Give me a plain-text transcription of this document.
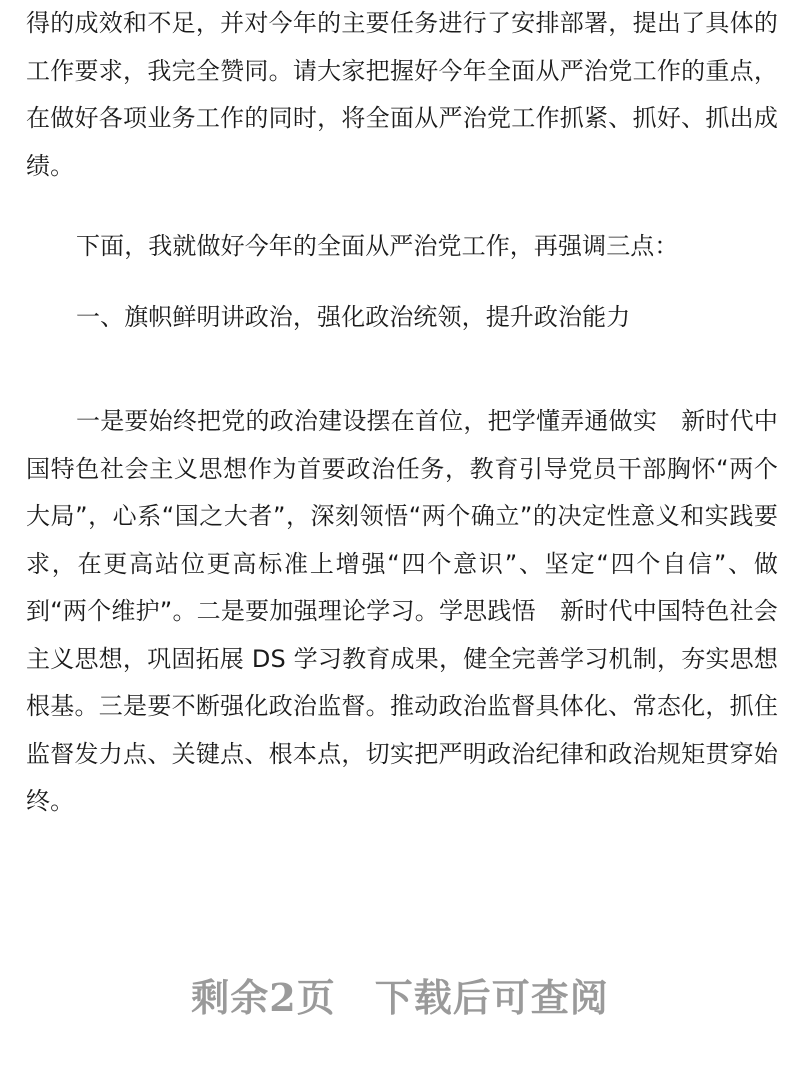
得的成效和不足，并对今年的主要任务进行了安排部署，提出了具体的工作要求，我完全赞同。请大家把握好今年全面从严治党工作的重点，在做好各项业务工作的同时，将全面从严治党工作抓紧、抓好、抓出成绩。

下面，我就做好今年的全面从严治党工作，再强调三点：

一、旗帜鲜明讲政治，强化政治统领，提升政治能力

一是要始终把党的政治建设摆在首位，把学懂弄通做实　新时代中国特色社会主义思想作为首要政治任务，教育引导党员干部胸怀“两个大局”，心系“国之大者”，深刻领悟“两个确立”的决定性意义和实践要求，在更高站位更高标准上增强“四个意识”、坚定“四个自信”、做到“两个维护”。二是要加强理论学习。学思践悟　新时代中国特色社会主义思想，巩固拓展 DS 学习教育成果，健全完善学习机制，夯实思想根基。三是要不断强化政治监督。推动政治监督具体化、常态化，抓住监督发力点、关键点、根本点，切实把严明政治纪律和政治规矩贯穿始终。

剩余2页　下载后可查阅
